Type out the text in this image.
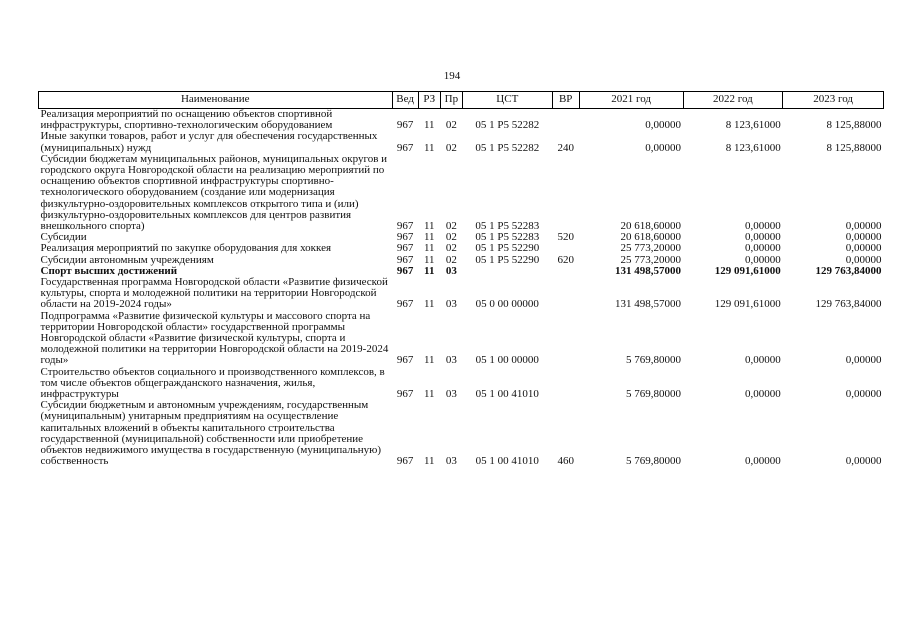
194
Наименование	Вед	РЗ	Пр	ЦСТ	ВР	2021 год	2022 год	2023 год
Реализация мероприятий по оснащению объектов спортивной инфраструктуры, спортивно-технологическим оборудованием	967	11	02	05 1 Р5 52282		0,00000	8 123,61000	8 125,88000
Иные закупки товаров, работ и услуг для обеспечения государственных (муниципальных) нужд	967	11	02	05 1 Р5 52282	240	0,00000	8 123,61000	8 125,88000
Субсидии бюджетам муниципальных районов, муниципальных округов и городского округа Новгородской области на реализацию мероприятий по оснащению объектов спортивной инфраструктуры спортивно-технологического оборудованием (создание или модернизация физкультурно-оздоровительных комплексов открытого типа и (или) физкультурно-оздоровительных комплексов для центров развития внешкольного спорта)	967	11	02	05 1 Р5 52283		20 618,60000	0,00000	0,00000
Субсидии	967	11	02	05 1 Р5 52283	520	20 618,60000	0,00000	0,00000
Реализация мероприятий по закупке оборудования для хоккея	967	11	02	05 1 Р5 52290		25 773,20000	0,00000	0,00000
Субсидии автономным учреждениям	967	11	02	05 1 Р5 52290	620	25 773,20000	0,00000	0,00000
Спорт высших достижений	967	11	03			131 498,57000	129 091,61000	129 763,84000
Государственная программа Новгородской области «Развитие физической культуры, спорта и молодежной политики на территории Новгородской области на 2019-2024 годы»	967	11	03	05 0 00 00000		131 498,57000	129 091,61000	129 763,84000
Подпрограмма «Развитие физической культуры и массового спорта на территории Новгородской области» государственной программы Новгородской области «Развитие физической культуры, спорта и молодежной политики на территории Новгородской области на 2019-2024 годы»	967	11	03	05 1 00 00000		5 769,80000	0,00000	0,00000
Строительство объектов социального и производственного комплексов, в том числе объектов общегражданского назначения, жилья, инфраструктуры	967	11	03	05 1 00 41010		5 769,80000	0,00000	0,00000
Субсидии бюджетным и автономным учреждениям, государственным (муниципальным) унитарным предприятиям на осуществление капитальных вложений в объекты капитального строительства государственной (муниципальной) собственности или приобретение объектов недвижимого имущества в государственную (муниципальную) собственность	967	11	03	05 1 00 41010	460	5 769,80000	0,00000	0,00000
